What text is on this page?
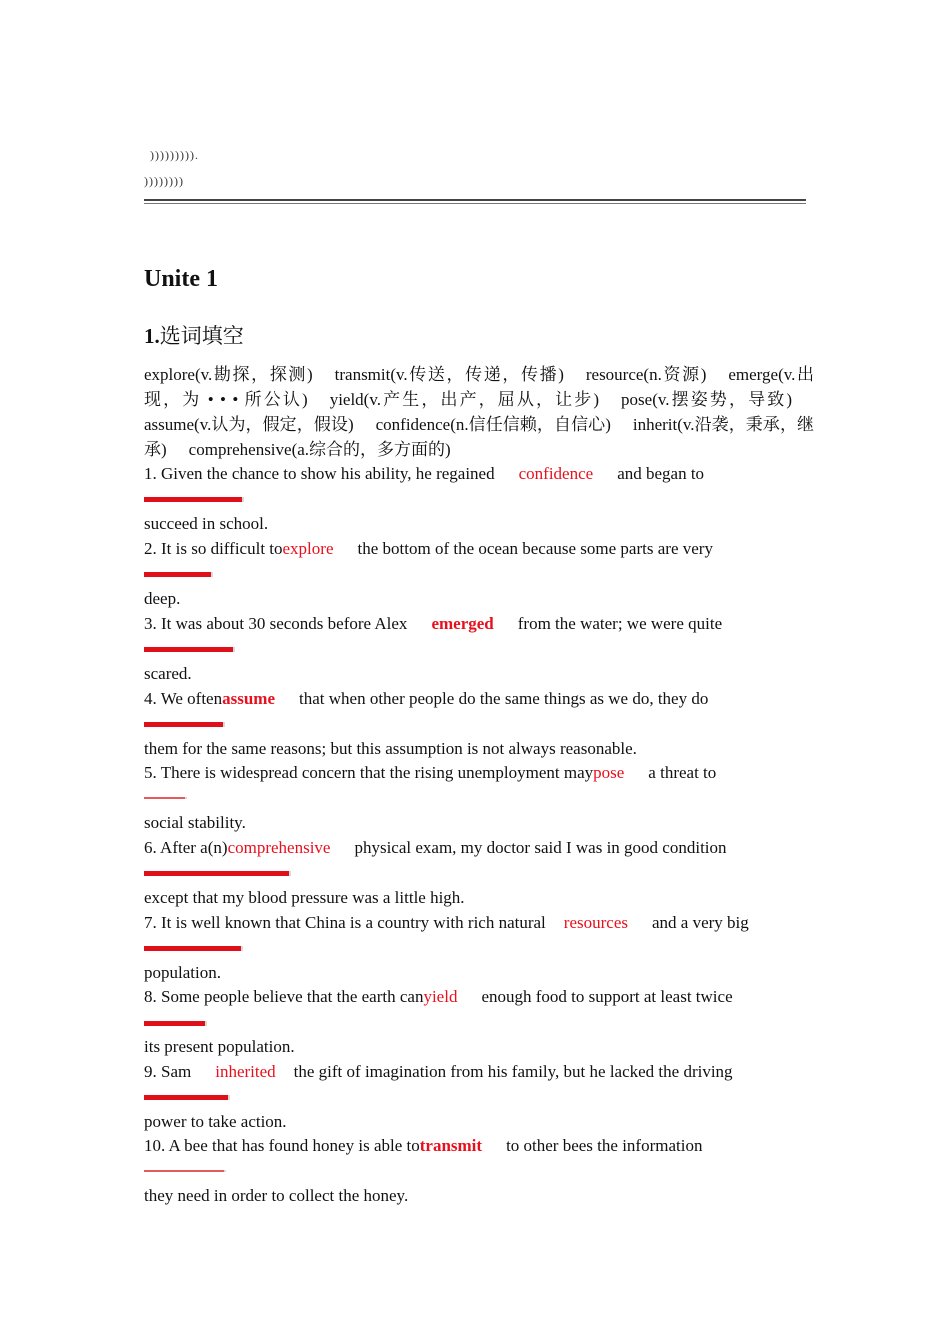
))))))))).
))))))))
Unite 1
1.选词填空
explore(v.勘探，探测) transmit(v.传送，传递，传播) resource(n.资源) emerge(v.出现，为 • • • 所公认) yield(v.产生，出产，屈从，让步) pose(v.摆姿势，导致)assume(v.认为，假定，假设) confidence(n.信任信赖，自信心) inherit(v.沿袭，秉承，继承) comprehensive(a.综合的，多方面的)
1. Given the chance to show his ability, he regained confidence and began to
succeed in school.
2. It is so difficult toexplore the bottom of the ocean because some parts are very
deep.
3. It was about 30 seconds before Alex emerged from the water; we were quite
scared.
4. We oftenassume that when other people do the same things as we do, they do
them for the same reasons; but this assumption is not always reasonable.
5. There is widespread concern that the rising unemployment maypose a threat to
social stability.
6. After a(n)comprehensive physical exam, my doctor said I was in good condition
except that my blood pressure was a little high.
7. It is well known that China is a country with rich natural resources and a very big
population.
8. Some people believe that the earth canyield enough food to support at least twice
its present population.
9. Sam inherited the gift of imagination from his family, but he lacked the driving
power to take action.
10. A bee that has found honey is able totransmit to other bees the information
they need in order to collect the honey.
